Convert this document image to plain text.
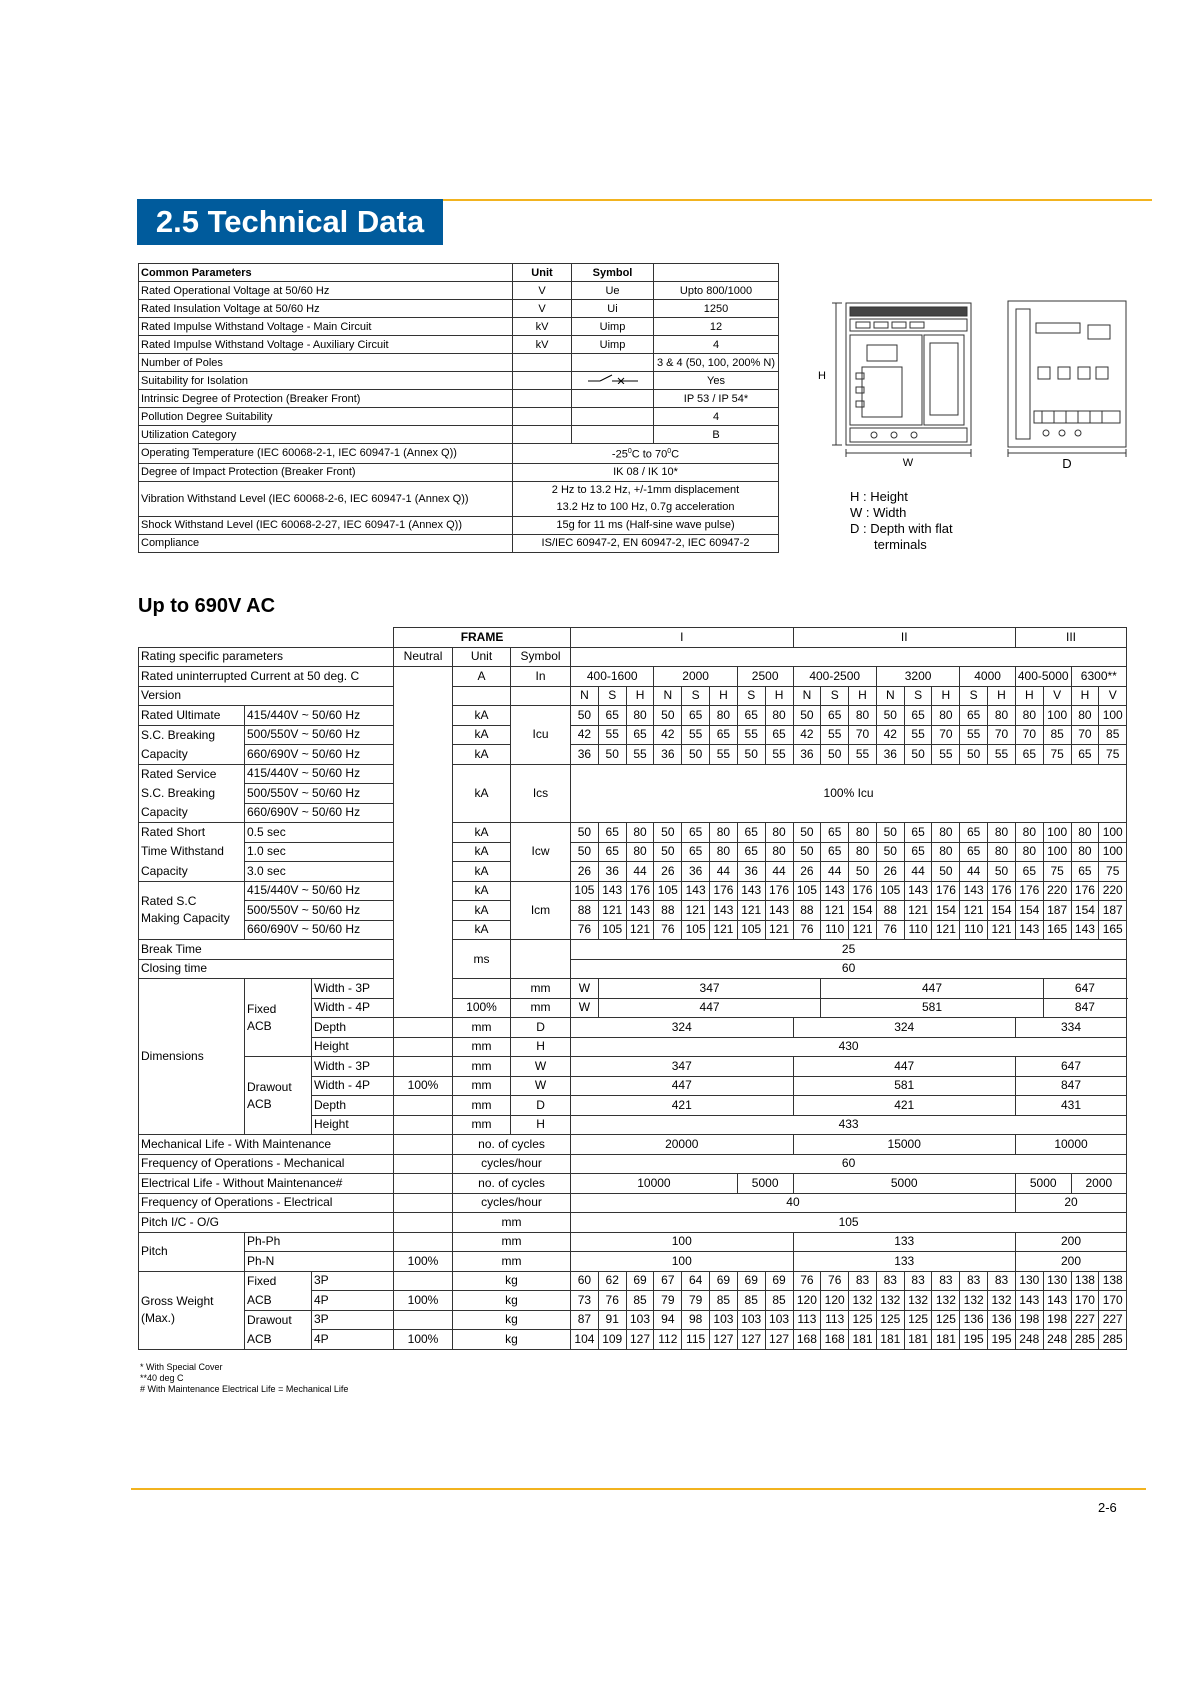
2.5 Technical Data
Common Parameters	Unit	Symbol	
Rated Operational Voltage at 50/60 Hz	V	Ue	Upto 800/1000
Rated Insulation Voltage at 50/60 Hz	V	Ui	1250
Rated Impulse Withstand Voltage - Main Circuit	kV	Uimp	12
Rated Impulse Withstand Voltage - Auxiliary Circuit	kV	Uimp	4
Number of Poles			3 & 4 (50, 100, 200% N)
Suitability for Isolation			Yes
Intrinsic Degree of Protection (Breaker Front)			IP 53 / IP 54*
Pollution Degree Suitability			4
Utilization Category			B
Operating Temperature (IEC 60068-2-1, IEC 60947-1 (Annex Q))	$-25^0C$ to $70^0C$		
Degree of Impact Protection (Breaker Front)	IK 08 / IK 10*		
Vibration Withstand Level (IEC 60068-2-6, IEC 60947-1 (Annex Q))	2 Hz to 13.2 Hz, +/-1mm displacement		
	13.2 Hz to 100 Hz, 0.7g acceleration		
Shock Withstand Level (IEC 60068-2-27, IEC 60947-1 (Annex Q))	15g for 11 ms (Half-sine wave pulse)		
Compliance	IS/IEC 60947-2, EN 60947-2, IEC 60947-2		
H
W	D
H : Height
W : Width
D : Depth with flat
terminals
Up to 690V AC
			FRAME			I								II								III			
Rating specific parameters			Neutral	Unit	Symbol																				
Rated uninterrupted Current at 50 deg. C				A	In	400-1600			2000			2500		400-2500			3200			4000		400-5000		6300**	
Version						N	S	H	N	S	H	S	H	N	S	H	N	S	H	S	H	H	V	H	V
Rated Ultimate	415/440V ~ 50/60 Hz			kA	Icu	50	65	80	50	65	80	65	80	50	65	80	50	65	80	65	80	80	100	80	100
S.C. Breaking	500/550V ~ 50/60 Hz			kA		42	55	65	42	55	65	55	65	42	55	70	42	55	70	55	70	70	85	70	85
Capacity	660/690V ~ 50/60 Hz			kA		36	50	55	36	50	55	50	55	36	50	55	36	50	55	50	55	65	75	65	75
Rated Service	415/440V ~ 50/60 Hz			kA	Ics	100% Icu																			
S.C. Breaking	500/550V ~ 50/60 Hz																								
Capacity	660/690V ~ 50/60 Hz																								
Rated Short	0.5 sec			kA	Icw	50	65	80	50	65	80	65	80	50	65	80	50	65	80	65	80	80	100	80	100
Time Withstand	1.0 sec			kA		50	65	80	50	65	80	65	80	50	65	80	50	65	80	65	80	80	100	80	100
Capacity	3.0 sec			kA		26	36	44	26	36	44	36	44	26	44	50	26	44	50	44	50	65	75	65	75
Rated S.C
Making Capacity	415/440V ~ 50/60 Hz			kA	Icm	105	143	176	105	143	176	143	176	105	143	176	105	143	176	143	176	176	220	176	220
	500/550V ~ 50/60 Hz			kA		88	121	143	88	121	143	121	143	88	121	154	88	121	154	121	154	154	187	154	187
	660/690V ~ 50/60 Hz			kA		76	105	121	76	105	121	105	121	76	110	121	76	110	121	110	121	143	165	143	165
Break Time				ms		25																			
Closing time						60																			
Dimensions	Fixed
ACB	Width - 3P			mm	W	347								447								647		
		Width - 4P		100%	mm	W	447								581								847		
		Depth		mm	D	324								324								334			
		Height		mm	H	430																			
	Drawout
ACB	Width - 3P		mm	W	347								447								647			
		Width - 4P	100%	mm	W	447								581								847			
		Depth		mm	D	421								421								431			
		Height		mm	H	433																			
Mechanical Life - With Maintenance				no. of cycles		20000								15000								10000			
Frequency of Operations - Mechanical				cycles/hour		60																			
Electrical Life - Without Maintenance#				no. of cycles		10000						5000		5000								5000		2000	
Frequency of Operations - Electrical				cycles/hour		40																20			
Pitch I/C - O/G				mm		105																			
Pitch	Ph-Ph			mm		100								133								200			
	Ph-N		100%	mm		100								133								200			
Gross Weight
(Max.)	Fixed	3P		kg		60	62	69	67	64	69	69	69	76	76	83	83	83	83	83	83	130	130	138	138
	ACB	4P	100%	kg		73	76	85	79	79	85	85	85	120	120	132	132	132	132	132	132	143	143	170	170
	Drawout	3P		kg		87	91	103	94	98	103	103	103	113	113	125	125	125	125	136	136	198	198	227	227
	ACB	4P	100%	kg		104	109	127	112	115	127	127	127	168	168	181	181	181	181	195	195	248	248	285	285
* With Special Cover
**40 deg C
# With Maintenance Electrical Life = Mechanical Life
2-6
